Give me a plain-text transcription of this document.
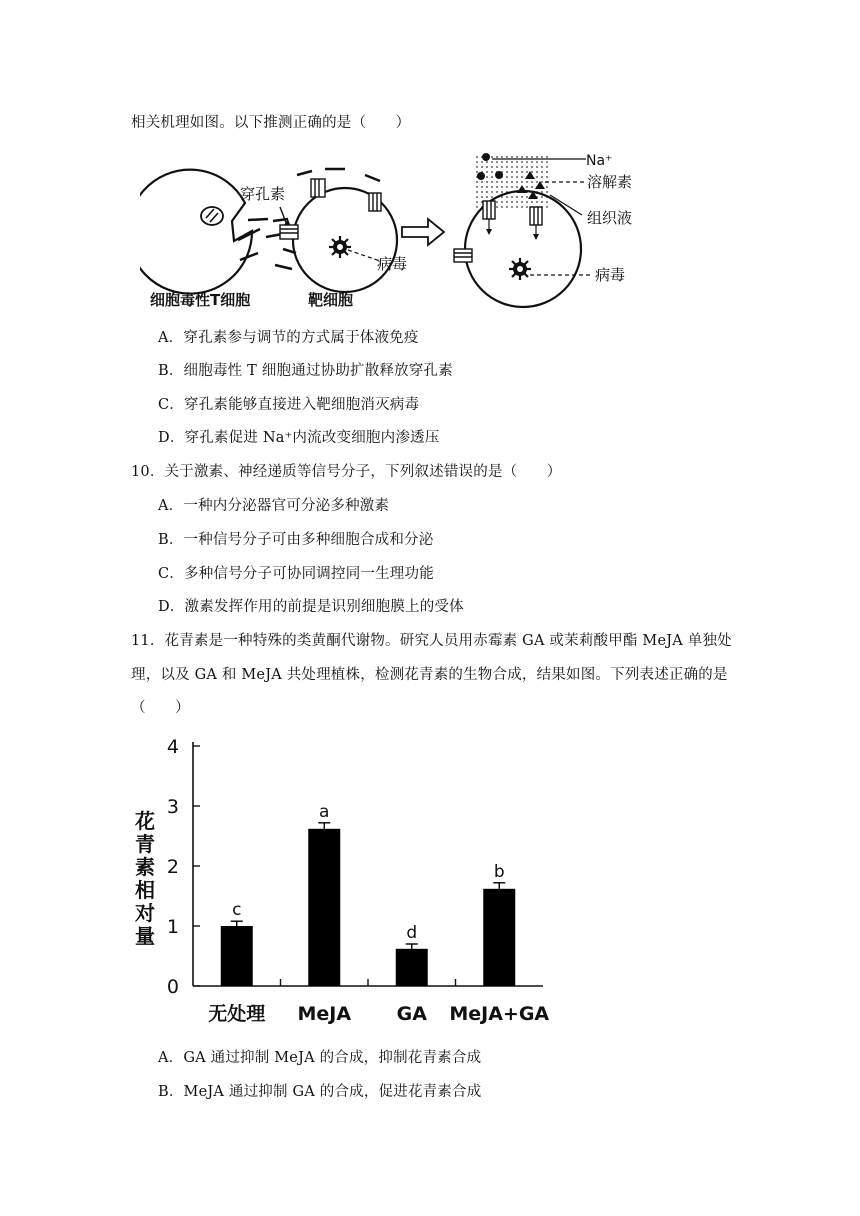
相关机理如图。以下推测正确的是（　　）
穿孔素
病毒
细胞毒性T细胞	靶细胞
Na⁺
溶解素
组织液
病毒
A．穿孔素参与调节的方式属于体液免疫
B．细胞毒性 T 细胞通过协助扩散释放穿孔素
C．穿孔素能够直接进入靶细胞消灭病毒
D．穿孔素促进 Na⁺内流改变细胞内渗透压
10．关于激素、神经递质等信号分子，下列叙述错误的是（　　）
A．一种内分泌器官可分泌多种激素
B．一种信号分子可由多种细胞合成和分泌
C．多种信号分子可协同调控同一生理功能
D．激素发挥作用的前提是识别细胞膜上的受体
11．花青素是一种特殊的类黄酮代谢物。研究人员用赤霉素 GA 或茉莉酸甲酯 MeJA 单独处
理，以及 GA 和 MeJA 共处理植株，检测花青素的生物合成，结果如图。下列表述正确的是
（　　）
花
青
素
相
对
量
c
a
d
b
0
1
2
3
4
无处理 MeJA GA MeJA+GA
A．GA 通过抑制 MeJA 的合成，抑制花青素合成
B．MeJA 通过抑制 GA 的合成，促进花青素合成
